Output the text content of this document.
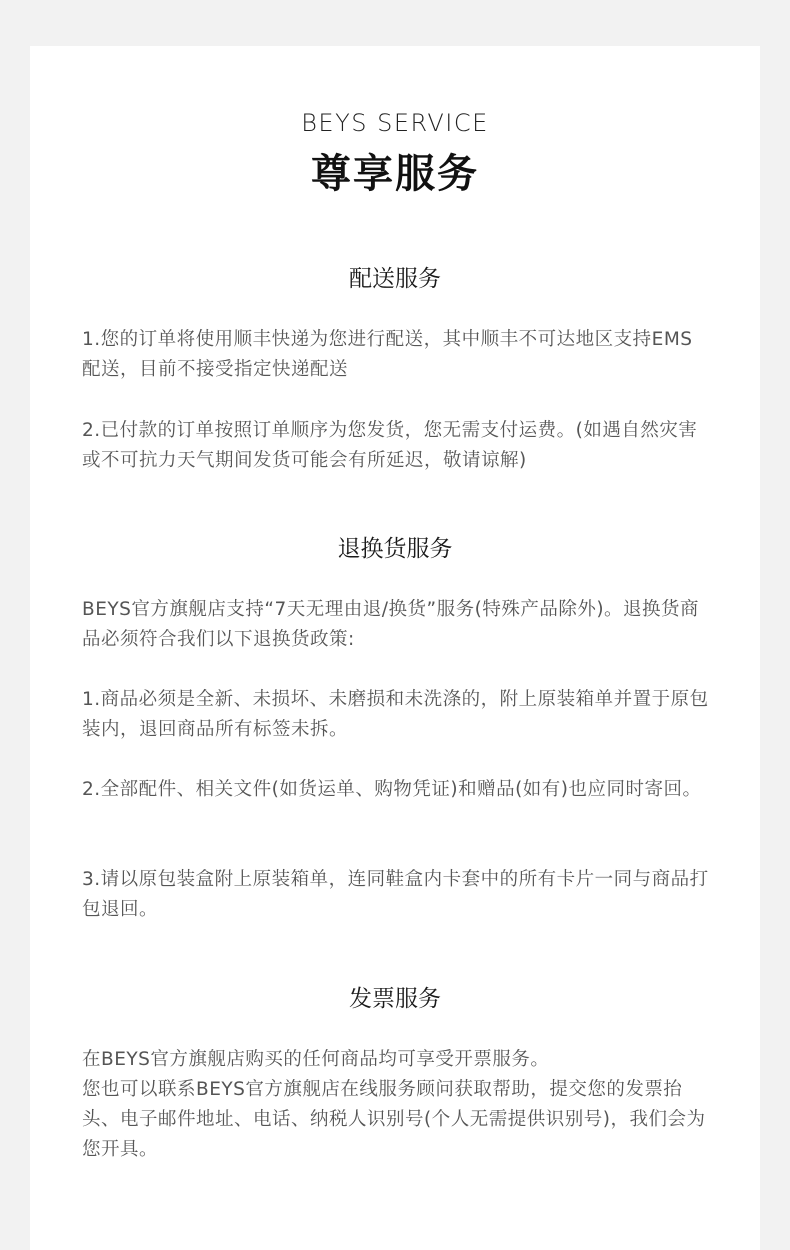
BEYS SERVICE
尊享服务
配送服务

1.您的订单将使用顺丰快递为您进行配送，其中顺丰不可达地区支持EMS 配送，目前不接受指定快递配送

2.已付款的订单按照订单顺序为您发货，您无需支付运费。(如遇自然灾害或不可抗力天气期间发货可能会有所延迟，敬请谅解)

退换货服务

BEYS官方旗舰店支持“7天无理由退/换货”服务(特殊产品除外)。退换货商品必须符合我们以下退换货政策:

1.商品必须是全新、未损坏、未磨损和未洗涤的，附上原装箱单并置于原包装内，退回商品所有标签未拆。

2.全部配件、相关文件(如货运单、购物凭证)和赠品(如有)也应同时寄回。

3.请以原包装盒附上原装箱单，连同鞋盒内卡套中的所有卡片一同与商品打包退回。

发票服务

在BEYS官方旗舰店购买的任何商品均可享受开票服务。

您也可以联系BEYS官方旗舰店在线服务顾问获取帮助，提交您的发票抬头、电子邮件地址、电话、纳税人识别号(个人无需提供识别号)，我们会为您开具。
